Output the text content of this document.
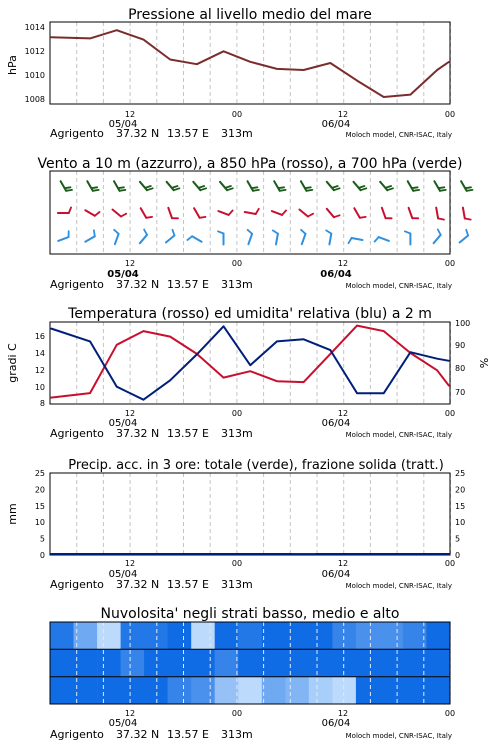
Pressione al livello medio del mare
hPa
1014
1012
1010
1008
12	00	12	00
05/04	06/04
Agrigento 37.32 N 13.57 E 313m	Moloch model, CNR-ISAC, Italy
Vento a 10 m (azzurro), a 850 hPa (rosso), a 700 hPa (verde)
12	00	12	00
05/04	06/04
Agrigento 37.32 N 13.57 E 313m	Moloch model, CNR-ISAC, Italy
Temperatura (rosso) ed umidita' relativa (blu) a 2 m
gradi C	%
16
14
12
10
8
100
90
80
70
12	00	12	00
05/04	06/04
Agrigento 37.32 N 13.57 E 313m	Moloch model, CNR-ISAC, Italy
Precip. acc. in 3 ore: totale (verde), frazione solida (tratt.)
mm
25	25
20	20
15	15
10	10
5	5
0	0
12	00	12	00
05/04	06/04
Agrigento 37.32 N 13.57 E 313m	Moloch model, CNR-ISAC, Italy
Nuvolosita' negli strati basso, medio e alto
12	00	12	00
05/04	06/04
Agrigento 37.32 N 13.57 E 313m	Moloch model, CNR-ISAC, Italy
